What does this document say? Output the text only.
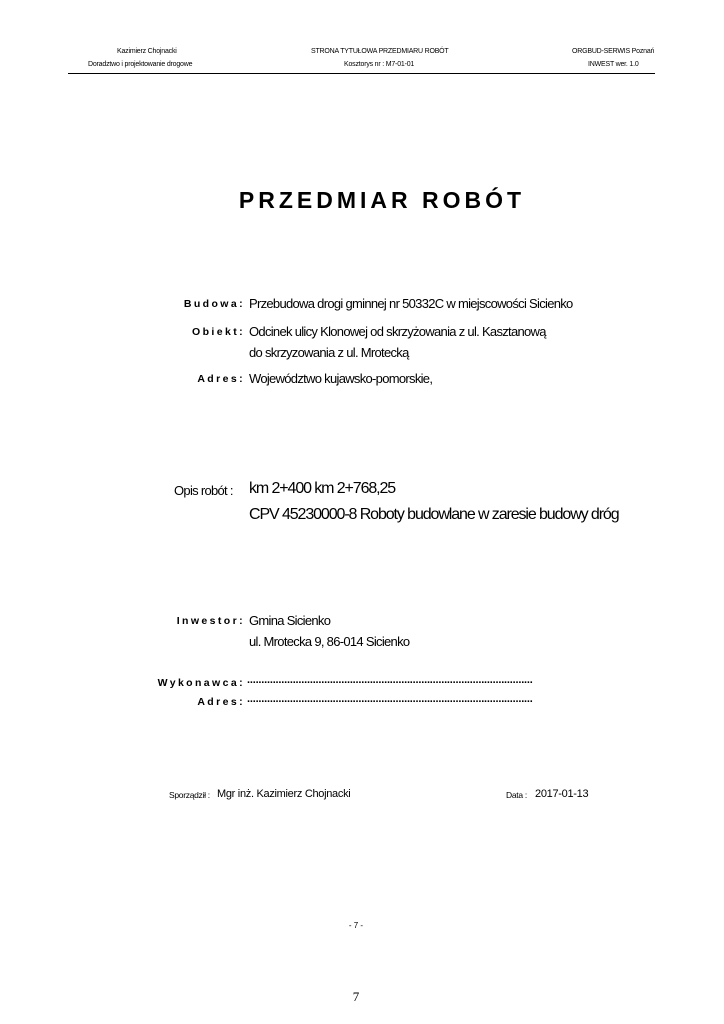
Kazimierz Chojnacki
Doradztwo i projektowanie drogowe
STRONA TYTUŁOWA PRZEDMIARU ROBÓT
Kosztorys nr : M7-01-01
ORGBUD-SERWIS Poznań
INWEST wer. 1.0
PRZEDMIAR ROBÓT
Budowa: Przebudowa drogi gminnej nr 50332C w miejscowości Sicienko
Obiekt: Odcinek ulicy Klonowej od skrzyżowania z ul. Kasztanową
do skrzyzowania z ul. Mrotecką
Adres: Województwo kujawsko-pomorskie,
Opis robót : km 2+400 km 2+768,25
CPV 45230000-8 Roboty budowlane w zaresie budowy dróg
Inwestor: Gmina Sicienko
ul. Mrotecka 9, 86-014 Sicienko
Wykonawca: ....................................................................................................
Adres: ....................................................................................................
Sporządził : Mgr inż. Kazimierz Chojnacki	Data : 2017-01-13
- 7 -
7
